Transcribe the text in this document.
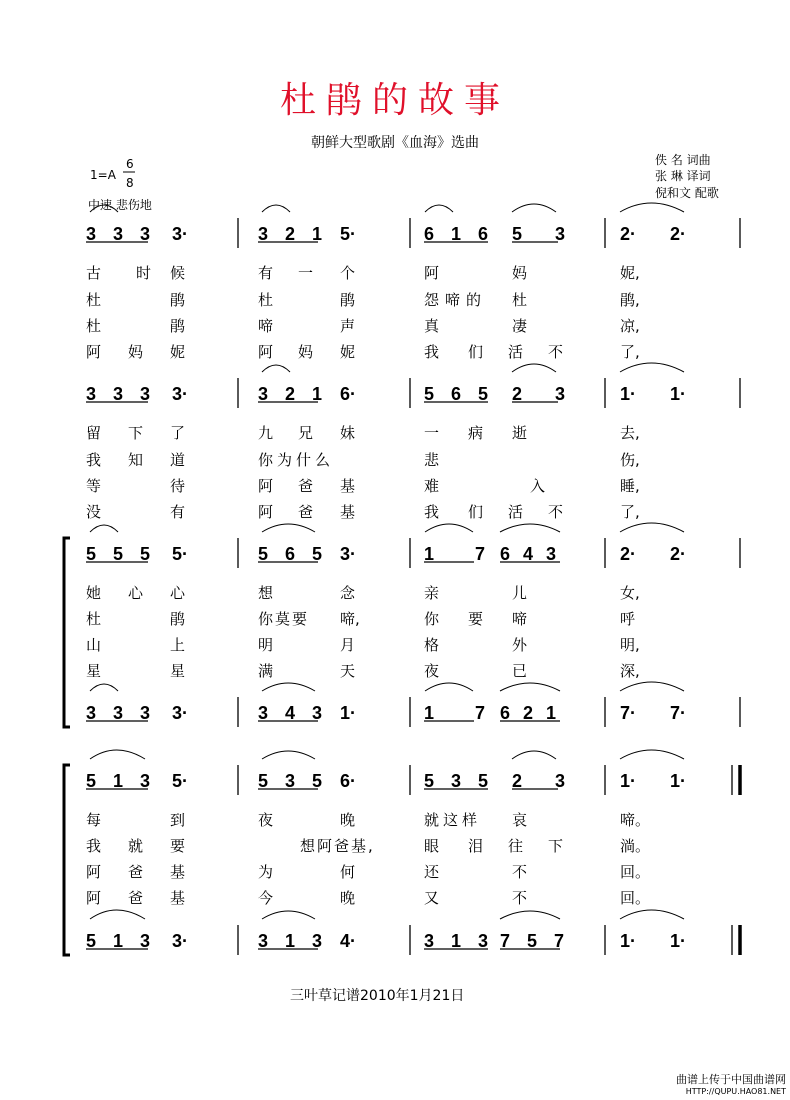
杜鹃的故事
朝鲜大型歌剧《血海》选曲
佚 名 词曲
张 琳 译词
倪和文 配歌
1=A
6
8
中速 悲伤地
3 3 3 3·	3 2 1 5·	6 1 6 5 3 2· 2·
古 时 候	有 一 个	阿	妈	妮,
杜	鹃	杜	鹃	怨啼的 杜	鹃,
杜	鹃	啼	声	真	凄	凉,
阿 妈 妮	阿 妈 妮	我 们 活 不	了,
3 3 3 3·	3 2 1 6·	5 6 5 2 3 1· 1·
留 下 了	九 兄 妹	一 病 逝	去,
我 知 道	你为什么	悲	伤,
等	待	阿 爸 基	难	入	睡,
没	有	阿 爸 基	我 们 活 不	了,
5 5 5 5·	5 6 5 3·	1 7
6 4 3	2· 2·
她 心 心	想	念	亲	儿	女,
杜	鹃	你莫要 啼,	你 要 啼	呼
山	上	明	月	格	外	明,
星	星	满	天	夜	已	深,
3 3 3 3·	3 4 3 1·	1 7
6 2 1	7· 7·
5 1 3 5·	5 3 5 6·	5 3 5 2 3 1· 1·
每	到	夜	晚	就这样 哀	啼。
我 就 要	想阿爸基,	眼 泪 往 下	淌。
阿 爸 基	为	何	还	不	回。
阿 爸 基	今	晚	又	不	回。
5 1 3 3·	3 1 3 4·	3 1 3 7 5 7	1· 1·
三叶草记谱2010年1月21日
曲谱上传于中国曲谱网
HTTP://QUPU.HAO81.NET
